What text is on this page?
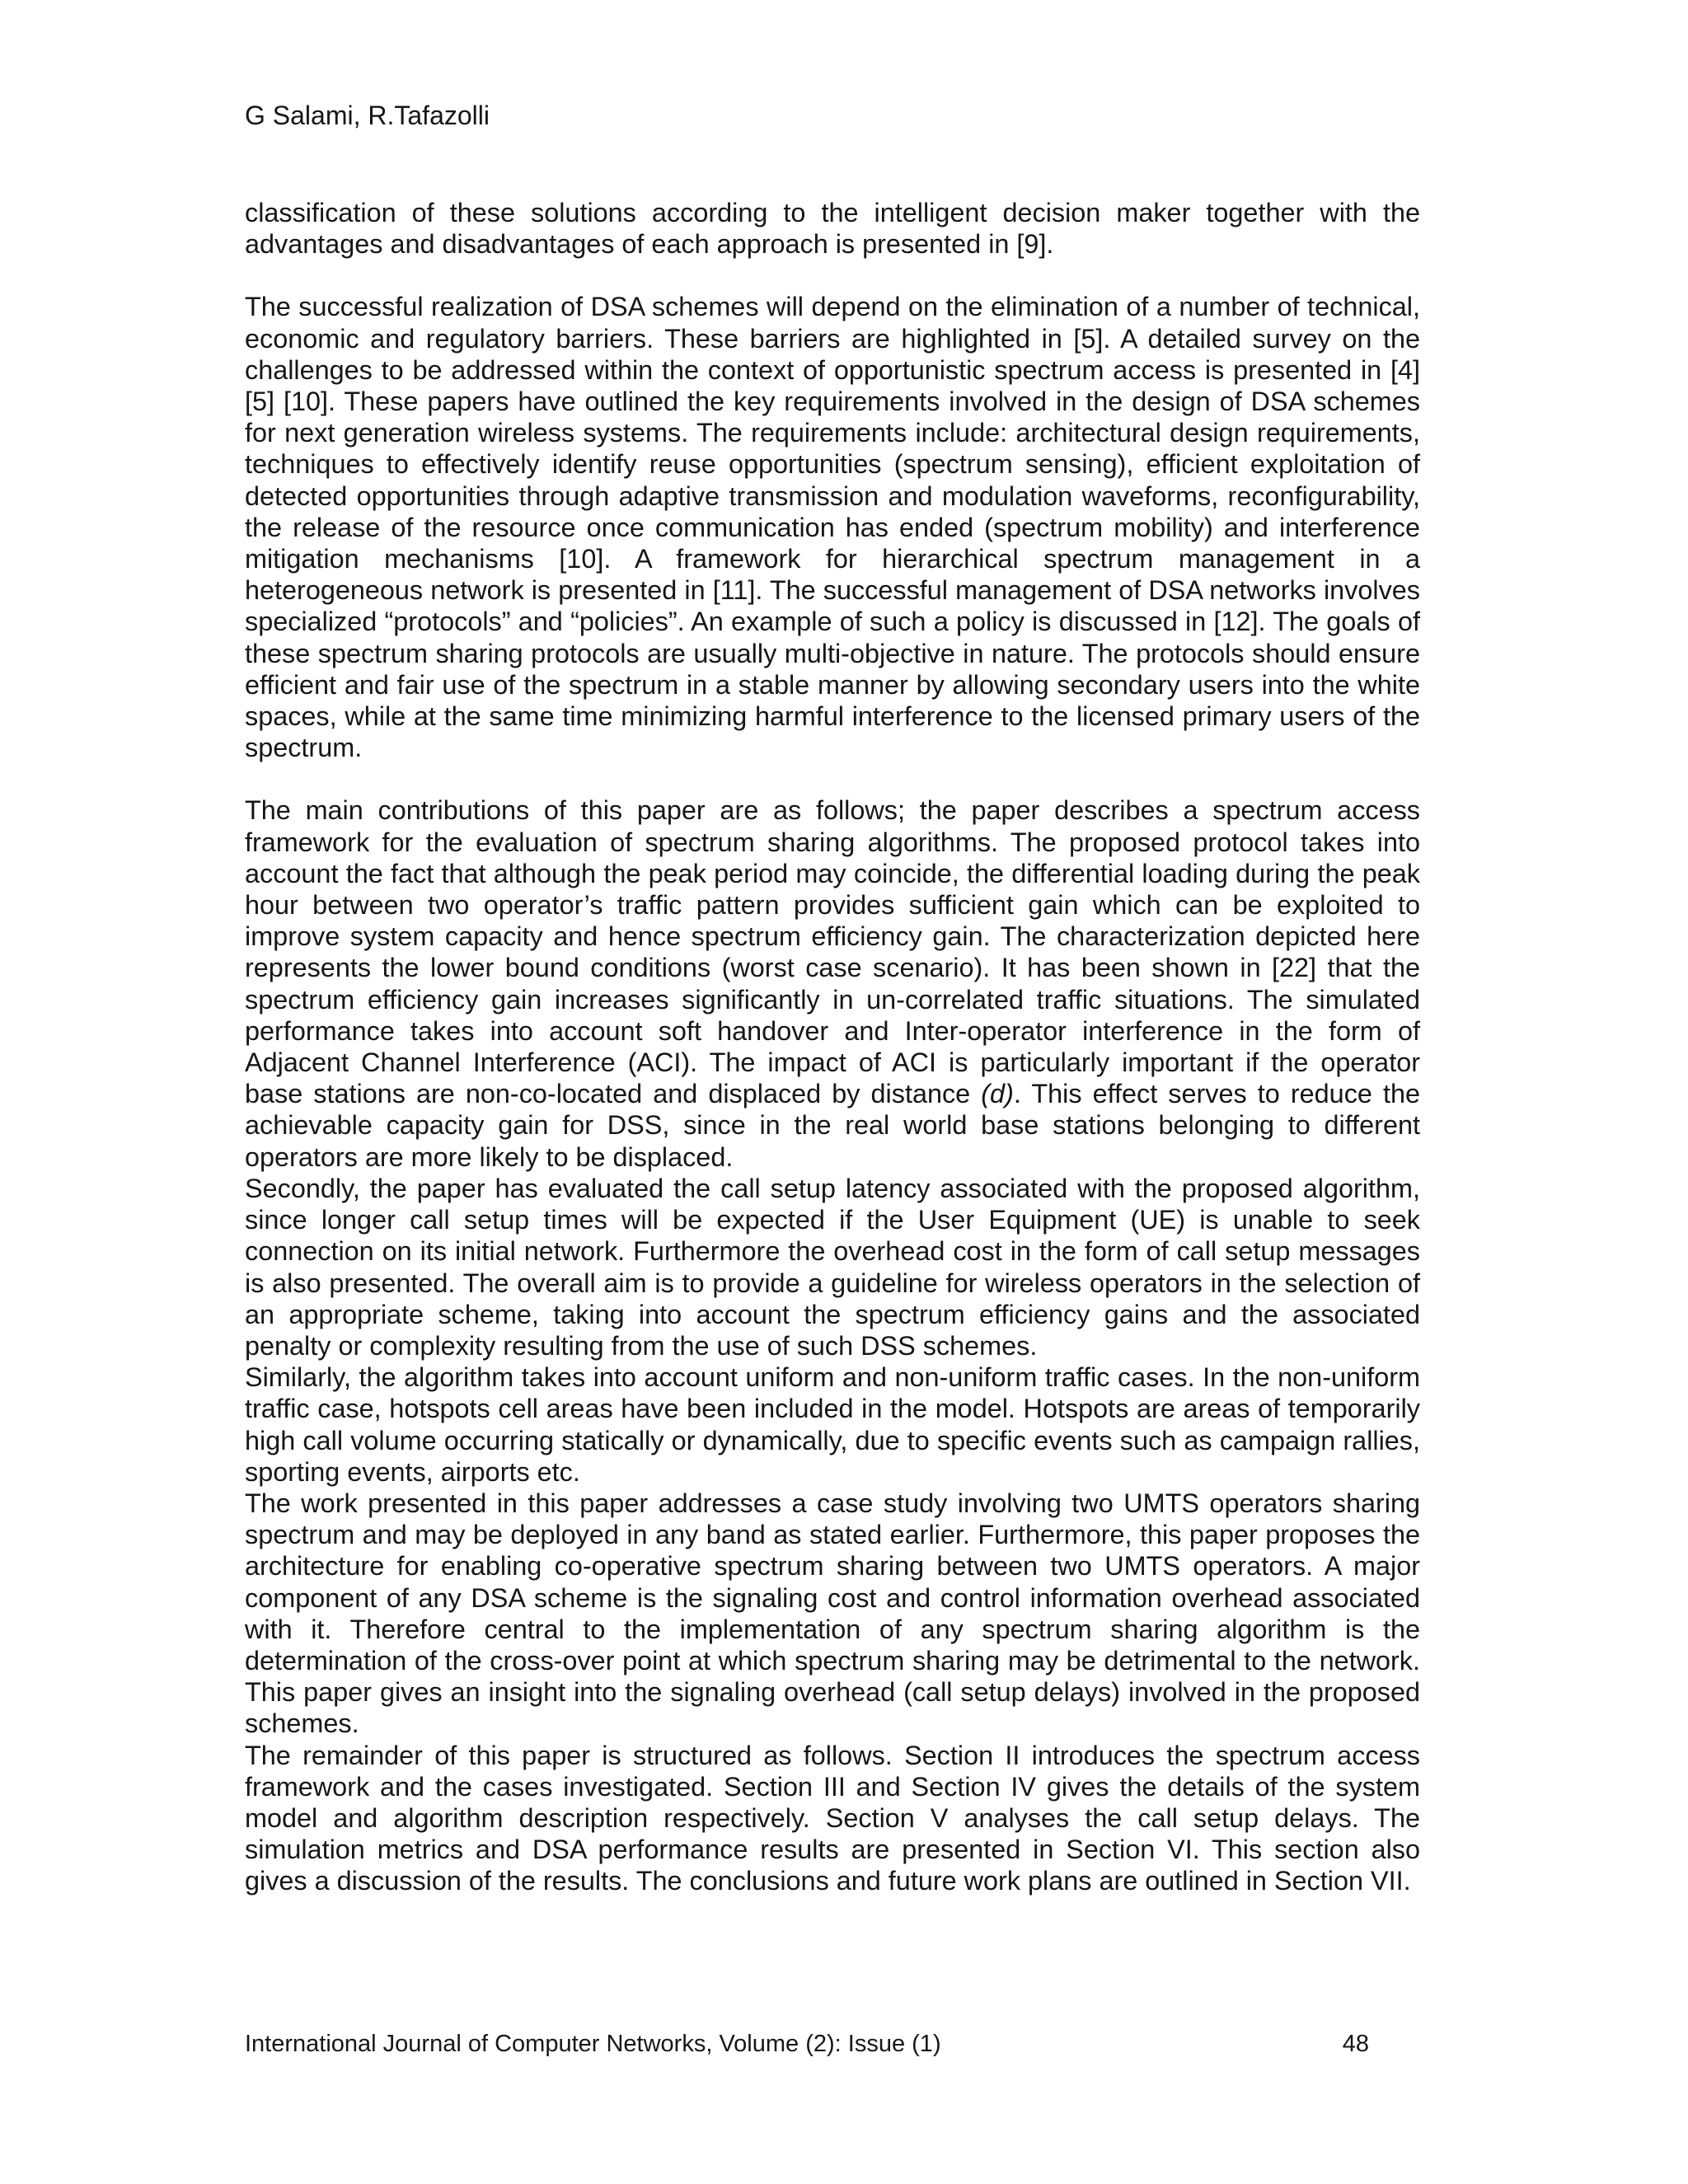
G Salami, R.Tafazolli

classification of these solutions according to the intelligent decision maker together with the advantages and disadvantages of each approach is presented in [9].

The successful realization of DSA schemes will depend on the elimination of a number of technical, economic and regulatory barriers. These barriers are highlighted in [5]. A detailed survey on the challenges to be addressed within the context of opportunistic spectrum access is presented in [4] [5] [10]. These papers have outlined the key requirements involved in the design of DSA schemes for next generation wireless systems. The requirements include: architectural design requirements, techniques to effectively identify reuse opportunities (spectrum sensing), efficient exploitation of detected opportunities through adaptive transmission and modulation waveforms, reconfigurability, the release of the resource once communication has ended (spectrum mobility) and interference mitigation mechanisms [10]. A framework for hierarchical spectrum management in a heterogeneous network is presented in [11]. The successful management of DSA networks involves specialized “protocols” and “policies”. An example of such a policy is discussed in [12]. The goals of these spectrum sharing protocols are usually multi-objective in nature. The protocols should ensure efficient and fair use of the spectrum in a stable manner by allowing secondary users into the white spaces, while at the same time minimizing harmful interference to the licensed primary users of the spectrum.

The main contributions of this paper are as follows; the paper describes a spectrum access framework for the evaluation of spectrum sharing algorithms. The proposed protocol takes into account the fact that although the peak period may coincide, the differential loading during the peak hour between two operator’s traffic pattern provides sufficient gain which can be exploited to improve system capacity and hence spectrum efficiency gain. The characterization depicted here represents the lower bound conditions (worst case scenario). It has been shown in [22] that the spectrum efficiency gain increases significantly in un-correlated traffic situations. The simulated performance takes into account soft handover and Inter-operator interference in the form of Adjacent Channel Interference (ACI). The impact of ACI is particularly important if the operator base stations are non-co-located and displaced by distance (d). This effect serves to reduce the achievable capacity gain for DSS, since in the real world base stations belonging to different operators are more likely to be displaced.

Secondly, the paper has evaluated the call setup latency associated with the proposed algorithm, since longer call setup times will be expected if the User Equipment (UE) is unable to seek connection on its initial network. Furthermore the overhead cost in the form of call setup messages is also presented. The overall aim is to provide a guideline for wireless operators in the selection of an appropriate scheme, taking into account the spectrum efficiency gains and the associated penalty or complexity resulting from the use of such DSS schemes.

Similarly, the algorithm takes into account uniform and non-uniform traffic cases. In the non-uniform traffic case, hotspots cell areas have been included in the model. Hotspots are areas of temporarily high call volume occurring statically or dynamically, due to specific events such as campaign rallies, sporting events, airports etc.

The work presented in this paper addresses a case study involving two UMTS operators sharing spectrum and may be deployed in any band as stated earlier. Furthermore, this paper proposes the architecture for enabling co-operative spectrum sharing between two UMTS operators. A major component of any DSA scheme is the signaling cost and control information overhead associated with it. Therefore central to the implementation of any spectrum sharing algorithm is the determination of the cross-over point at which spectrum sharing may be detrimental to the network. This paper gives an insight into the signaling overhead (call setup delays) involved in the proposed schemes.

The remainder of this paper is structured as follows. Section II introduces the spectrum access framework and the cases investigated. Section III and Section IV gives the details of the system model and algorithm description respectively. Section V analyses the call setup delays. The simulation metrics and DSA performance results are presented in Section VI. This section also gives a discussion of the results. The conclusions and future work plans are outlined in Section VII.

International Journal of Computer Networks, Volume (2): Issue (1)	48
